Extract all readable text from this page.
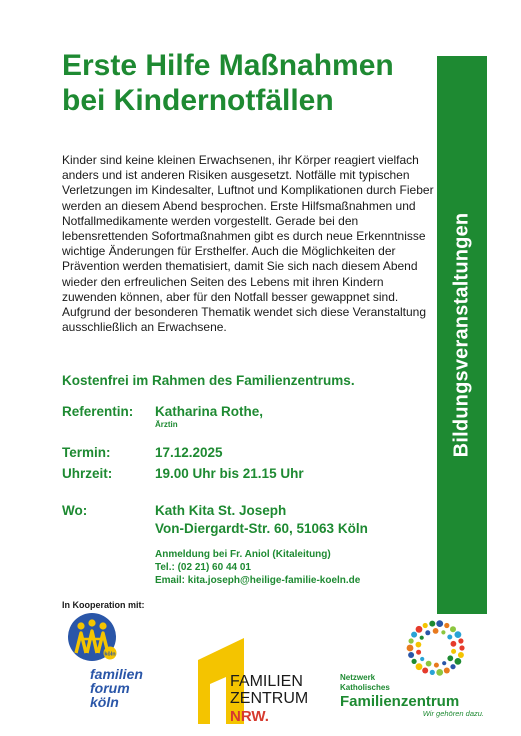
Erste Hilfe Maßnahmen
bei Kindernotfällen
Bildungsveranstaltungen

Kinder sind keine kleinen Erwachsenen, ihr Körper reagiert vielfach anders und ist anderen Risiken ausgesetzt. Notfälle mit typischen Verletzungen im Kindesalter, Luftnot und Komplikationen durch Fieber werden an diesem Abend besprochen. Erste Hilfsmaßnahmen und Notfallmedikamente werden vorgestellt. Gerade bei den lebensrettenden Sofortmaßnahmen gibt es durch neue Erkenntnisse wichtige Änderungen für Ersthelfer. Auch die Möglichkeiten der Prävention werden thematisiert, damit Sie sich nach diesem Abend wieder den erfreulichen Seiten des Lebens mit ihren Kindern zuwenden können, aber für den Notfall besser gewappnet sind.

Aufgrund der besonderen Thematik wendet sich diese Veranstaltung ausschließlich an Erwachsene.

Kostenfrei im Rahmen des Familienzentrums.
Referentin: Katharina Rothe,
Ärztin
Termin:	17.12.2025
Uhrzeit:	19.00 Uhr bis 21.15 Uhr
Wo:	Kath Kita St. Joseph
Von-Diergardt-Str. 60, 51063 Köln
Anmeldung bei Fr. Aniol (Kitaleitung)
Tel.: (02 21) 60 44 01
Email: kita.joseph@heilige-familie-koeln.de
In Kooperation mit:
köln
familien
forum
köln
FAMILIEN
ZENTRUM
NRW.
Netzwerk
Katholisches
Familienzentrum
Wir gehören dazu.
